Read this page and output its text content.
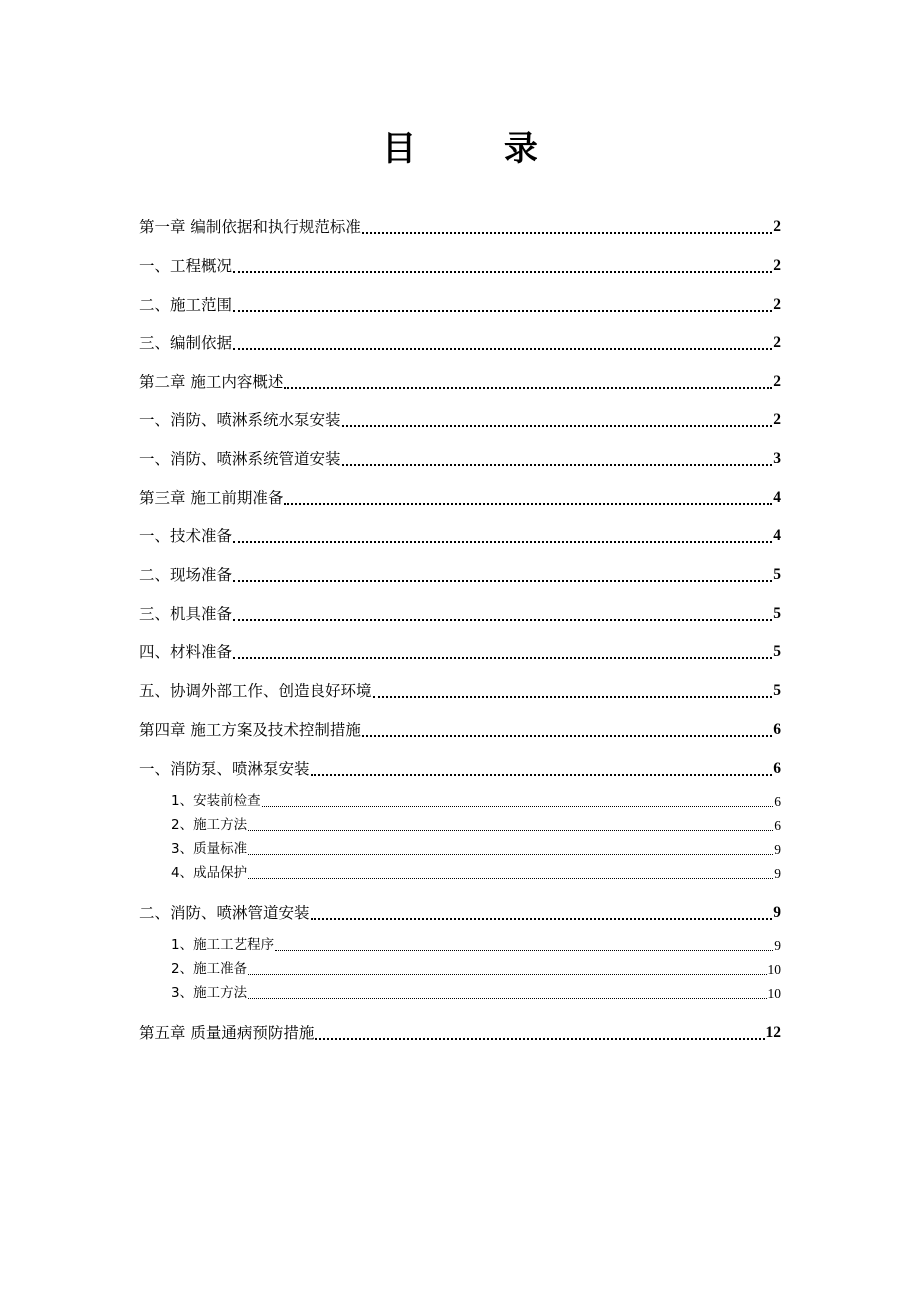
目 录
第一章 编制依据和执行规范标准	2
一、工程概况	2
二、施工范围	2
三、编制依据	2
第二章 施工内容概述	2
一、消防、喷淋系统水泵安装	2
一、消防、喷淋系统管道安装	3
第三章 施工前期准备	4
一、技术准备	4
二、现场准备	5
三、机具准备	5
四、材料准备	5
五、协调外部工作、创造良好环境	5
第四章 施工方案及技术控制措施	6
一、消防泵、喷淋泵安装	6
1、安装前检查	6
2、施工方法	6
3、质量标准	9
4、成品保护	9
二、消防、喷淋管道安装	9
1、施工工艺程序	9
2、施工准备	10
3、施工方法	10
第五章 质量通病预防措施	12
